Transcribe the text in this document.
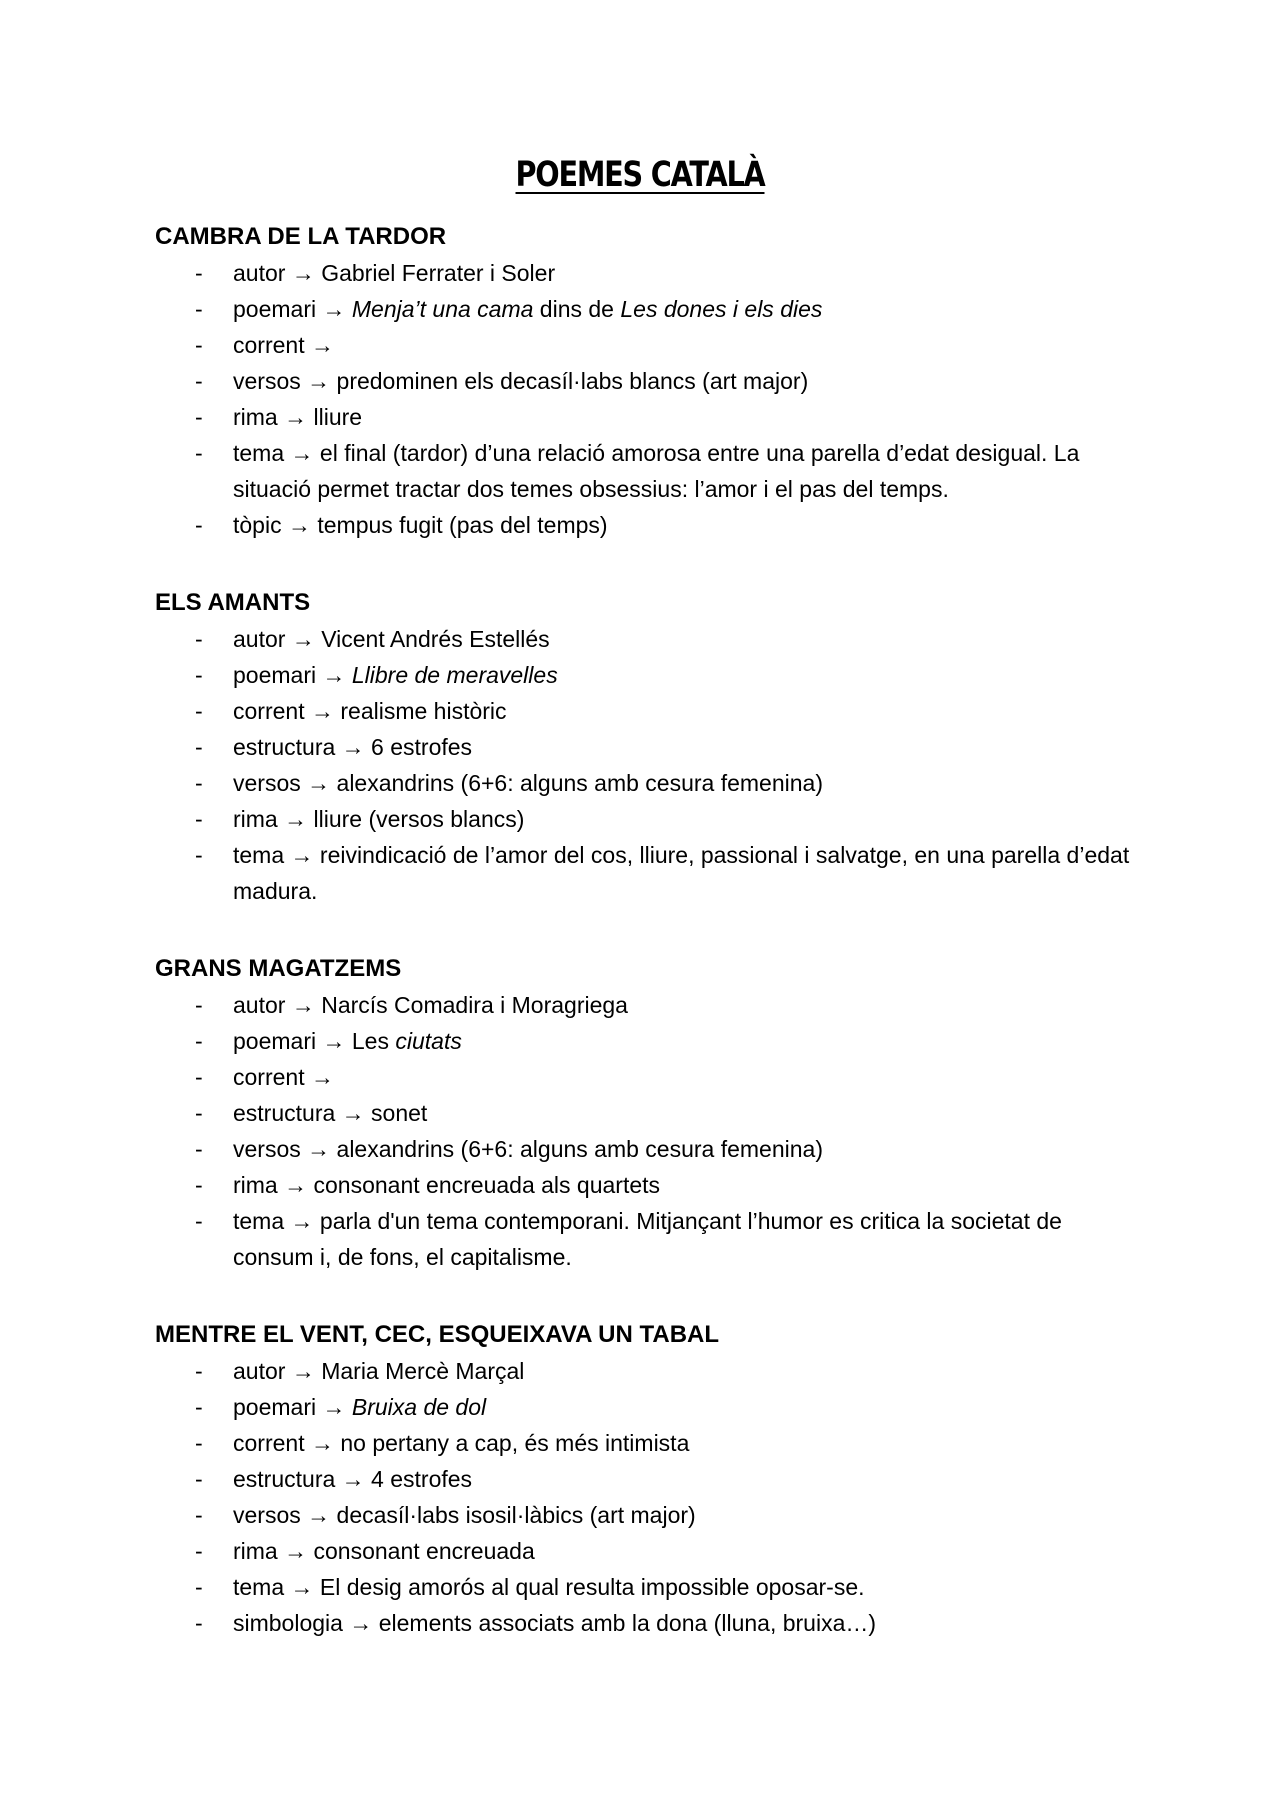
POEMES CATALÀ
CAMBRA DE LA TARDOR
- autor → Gabriel Ferrater i Soler
- poemari → Menja’t una cama dins de Les dones i els dies
- corrent →
- versos → predominen els decasíl·labs blancs (art major)
- rima → lliure
- tema → el final (tardor) d’una relació amorosa entre una parella d’edat desigual. La situació permet tractar dos temes obsessius: l’amor i el pas del temps.
- tòpic → tempus fugit (pas del temps)
ELS AMANTS
- autor → Vicent Andrés Estellés
- poemari → Llibre de meravelles
- corrent → realisme històric
- estructura → 6 estrofes
- versos → alexandrins (6+6: alguns amb cesura femenina)
- rima → lliure (versos blancs)
- tema → reivindicació de l’amor del cos, lliure, passional i salvatge, en una parella d’edat madura.
GRANS MAGATZEMS
- autor → Narcís Comadira i Moragriega
- poemari → Les ciutats
- corrent →
- estructura → sonet
- versos → alexandrins (6+6: alguns amb cesura femenina)
- rima → consonant encreuada als quartets
- tema → parla d'un tema contemporani. Mitjançant l’humor es critica la societat de consum i, de fons, el capitalisme.
MENTRE EL VENT, CEC, ESQUEIXAVA UN TABAL
- autor → Maria Mercè Marçal
- poemari → Bruixa de dol
- corrent → no pertany a cap, és més intimista
- estructura → 4 estrofes
- versos → decasíl·labs isosil·làbics (art major)
- rima → consonant encreuada
- tema → El desig amorós al qual resulta impossible oposar-se.
- simbologia → elements associats amb la dona (lluna, bruixa…)
